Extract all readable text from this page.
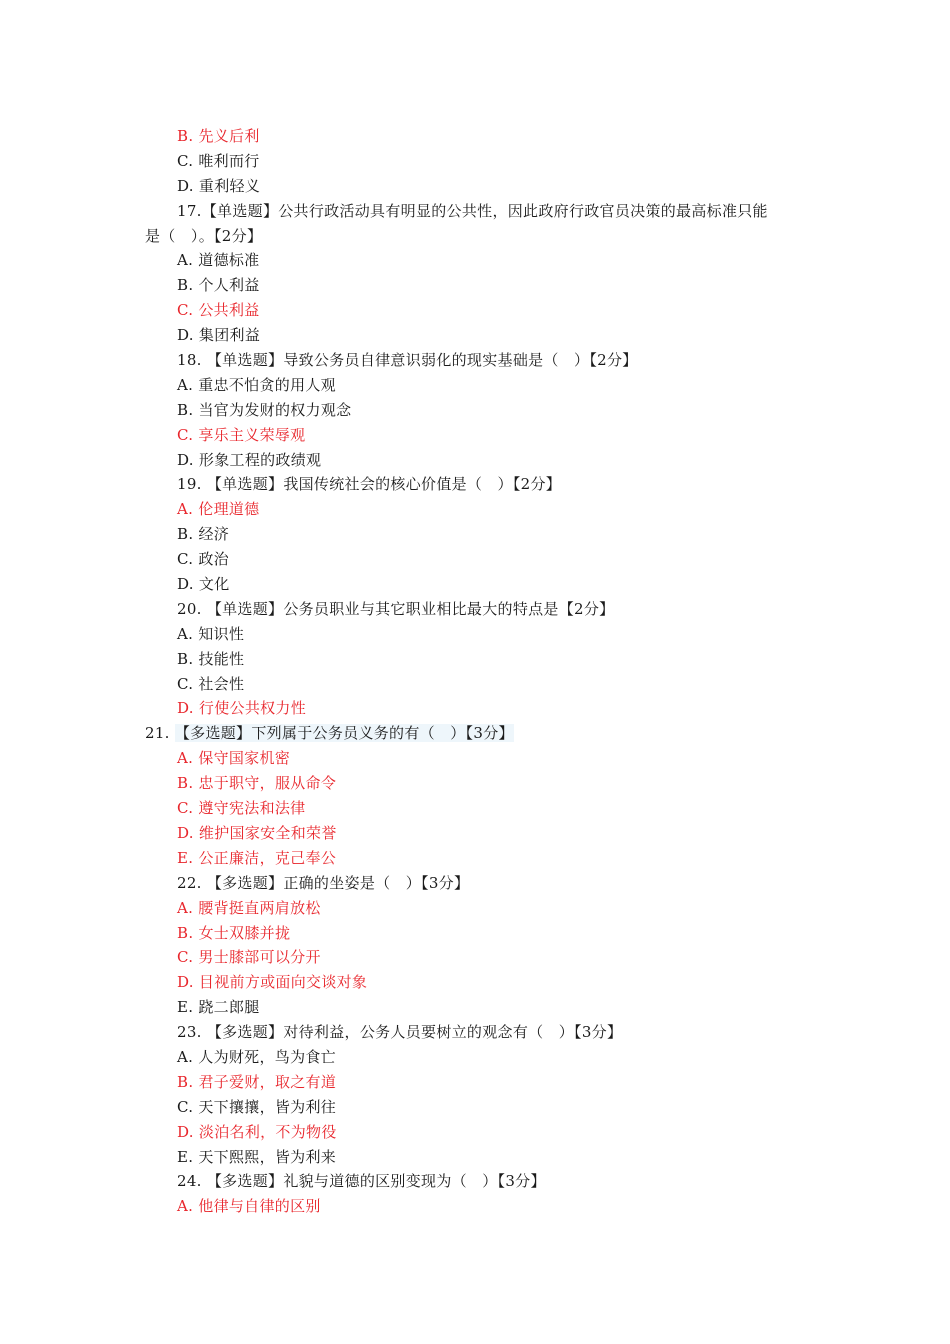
B. 先义后利
C. 唯利而行
D. 重利轻义
17.【单选题】公共行政活动具有明显的公共性，因此政府行政官员决策的最高标准只能
是（　）。【2分】
A. 道德标准
B. 个人利益
C. 公共利益
D. 集团利益
18. 【单选题】导致公务员自律意识弱化的现实基础是（　）【2分】
A. 重忠不怕贪的用人观
B. 当官为发财的权力观念
C. 享乐主义荣辱观
D. 形象工程的政绩观
19. 【单选题】我国传统社会的核心价值是（　）【2分】
A. 伦理道德
B. 经济
C. 政治
D. 文化
20. 【单选题】公务员职业与其它职业相比最大的特点是【2分】
A. 知识性
B. 技能性
C. 社会性
D. 行使公共权力性
21. 【多选题】下列属于公务员义务的有（　）【3分】
A. 保守国家机密
B. 忠于职守，服从命令
C. 遵守宪法和法律
D. 维护国家安全和荣誉
E. 公正廉洁，克己奉公
22. 【多选题】正确的坐姿是（　）【3分】
A. 腰背挺直两肩放松
B. 女士双膝并拢
C. 男士膝部可以分开
D. 目视前方或面向交谈对象
E. 跷二郎腿
23. 【多选题】对待利益，公务人员要树立的观念有（　）【3分】
A. 人为财死，鸟为食亡
B. 君子爱财，取之有道
C. 天下攘攘，皆为利往
D. 淡泊名利，不为物役
E. 天下熙熙，皆为利来
24. 【多选题】礼貌与道德的区别变现为（　）【3分】
A. 他律与自律的区别
